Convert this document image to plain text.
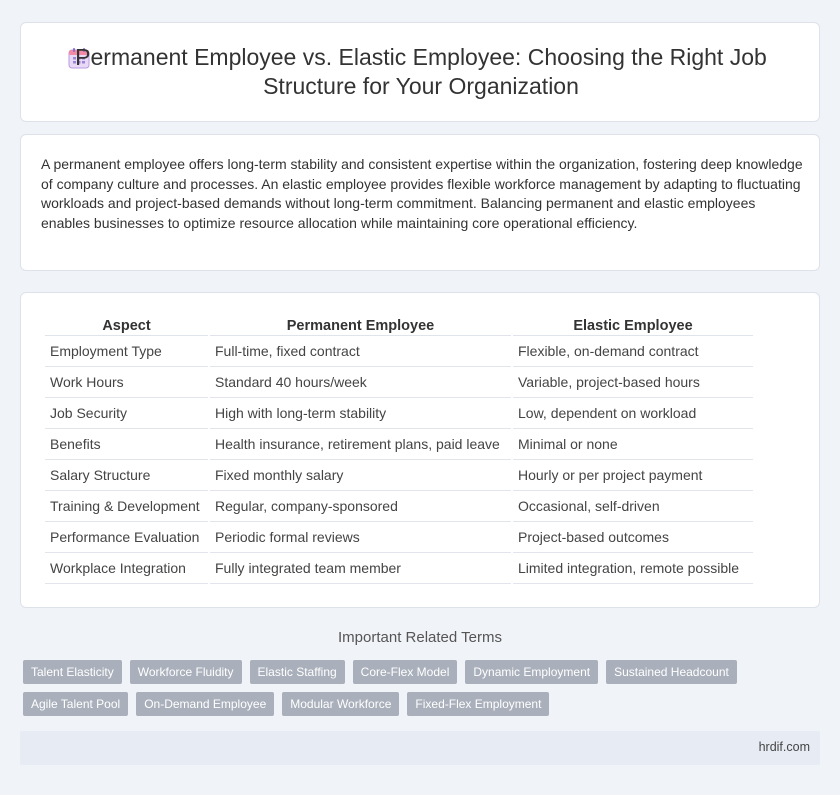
Permanent Employee vs. Elastic Employee: Choosing the Right Job Structure for Your Organization

A permanent employee offers long-term stability and consistent expertise within the organization, fostering deep knowledge of company culture and processes. An elastic employee provides flexible workforce management by adapting to fluctuating workloads and project-based demands without long-term commitment. Balancing permanent and elastic employees enables businesses to optimize resource allocation while maintaining core operational efficiency.

Aspect	Permanent Employee	Elastic Employee
Employment Type	Full-time, fixed contract	Flexible, on-demand contract
Work Hours	Standard 40 hours/week	Variable, project-based hours
Job Security	High with long-term stability	Low, dependent on workload
Benefits	Health insurance, retirement plans, paid leave	Minimal or none
Salary Structure	Fixed monthly salary	Hourly or per project payment
Training & Development	Regular, company-sponsored	Occasional, self-driven
Performance Evaluation	Periodic formal reviews	Project-based outcomes
Workplace Integration	Fully integrated team member	Limited integration, remote possible
Important Related Terms
Talent Elasticity	Workforce Fluidity	Elastic Staffing	Core-Flex Model	Dynamic Employment	Sustained Headcount
Agile Talent Pool	On-Demand Employee	Modular Workforce	Fixed-Flex Employment
hrdif.com
